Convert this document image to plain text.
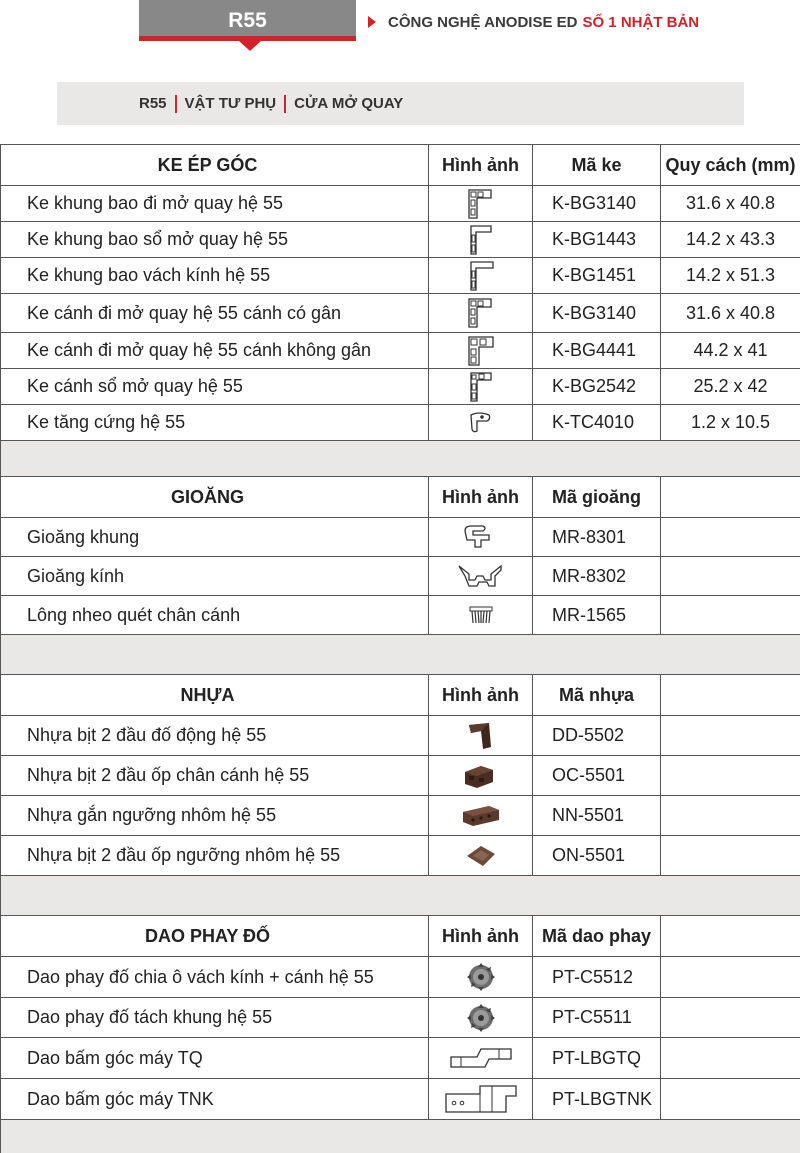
R55	CÔNG NGHỆ ANODISE ED SỐ 1 NHẬT BẢN
R55 VẬT TƯ PHỤ CỬA MỞ QUAY
KE ÉP GÓC	Hình ảnh	Mã ke	Quy cách (mm)
Ke khung bao đi mở quay hệ 55		K-BG3140	31.6 x 40.8
Ke khung bao sổ mở quay hệ 55		K-BG1443	14.2 x 43.3
Ke khung bao vách kính hệ 55		K-BG1451	14.2 x 51.3
Ke cánh đi mở quay hệ 55 cánh có gân		K-BG3140	31.6 x 40.8
Ke cánh đi mở quay hệ 55 cánh không gân		K-BG4441	44.2 x 41
Ke cánh sổ mở quay hệ 55		K-BG2542	25.2 x 42
Ke tăng cứng hệ 55		K-TC4010	1.2 x 10.5

GIOĂNG	Hình ảnh	Mã gioăng	
Gioăng khung		MR-8301	
Gioăng kính		MR-8302	
Lông nheo quét chân cánh		MR-1565	

NHỰA	Hình ảnh	Mã nhựa	
Nhựa bịt 2 đầu đố động hệ 55		DD-5502	
Nhựa bịt 2 đầu ốp chân cánh hệ 55		OC-5501	
Nhựa gắn ngưỡng nhôm hệ 55		NN-5501	
Nhựa bịt 2 đầu ốp ngưỡng nhôm hệ 55		ON-5501	

DAO PHAY ĐỐ	Hình ảnh	Mã dao phay	
Dao phay đố chia ô vách kính + cánh hệ 55		PT-C5512	
Dao phay đố tách khung hệ 55		PT-C5511	
Dao bấm góc máy TQ		PT-LBGTQ	
Dao bấm góc máy TNK		PT-LBGTNK	
